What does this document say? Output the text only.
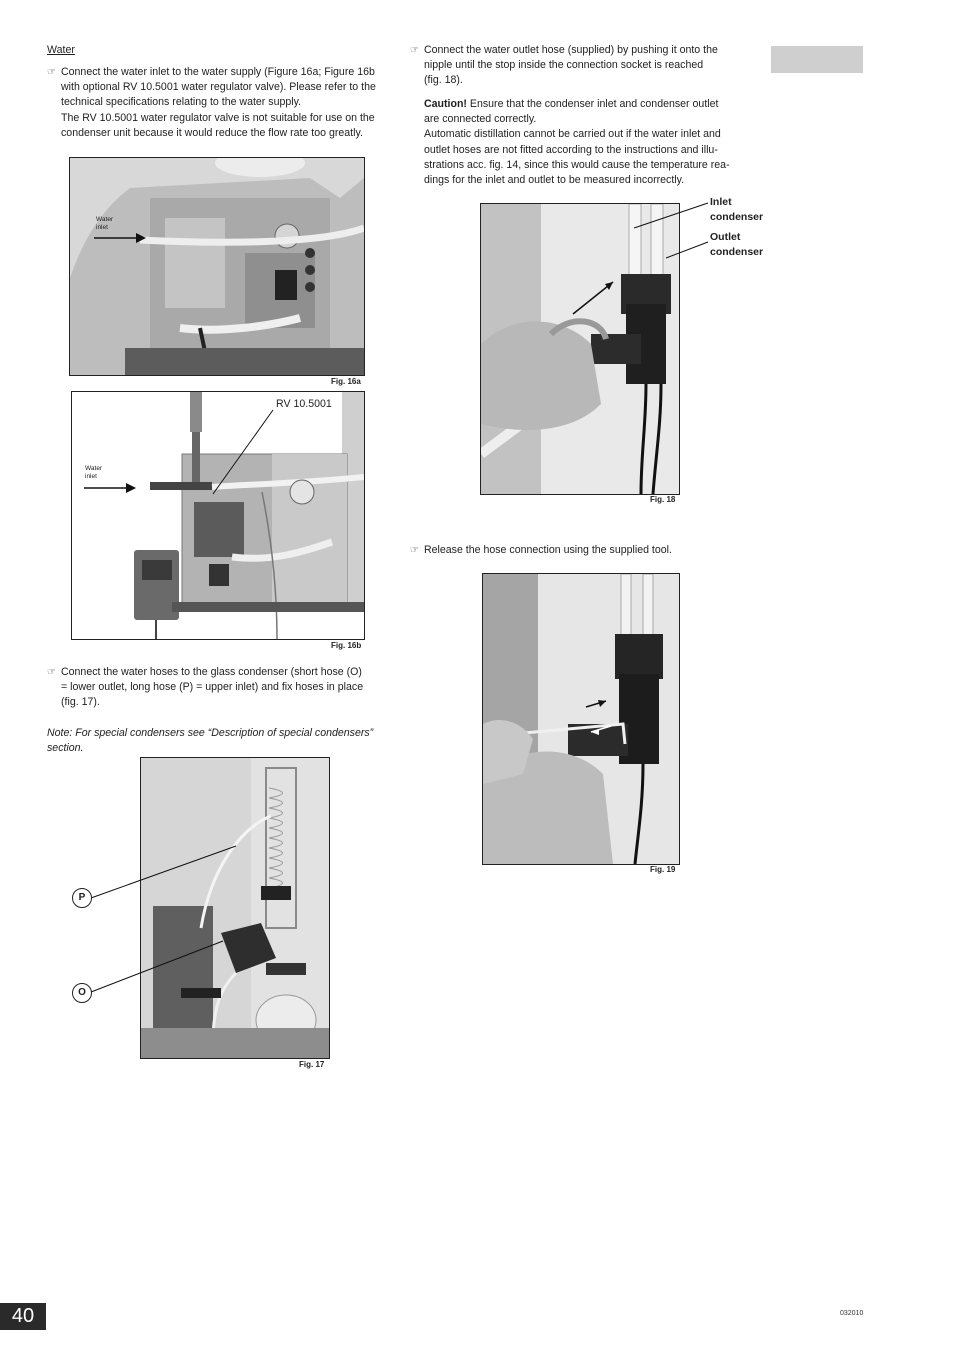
Water
☞ Connect the water inlet to the water supply (Figure 16a; Figure 16b
with optional RV 10.5001 water regulator valve). Please refer to the
technical specifications relating to the water supply.
The RV 10.5001 water regulator valve is not suitable for use on the
condenser unit because it would reduce the flow rate too greatly.
Water inlet
Fig. 16a
RV 10.5001
Water inlet
Fig. 16b
☞ Connect the water hoses to the glass condenser (short hose (O)
= lower outlet, long hose (P) = upper inlet) and fix hoses in place
(fig. 17).
Note: For special condensers see “Description of special condensers”
section.
P
O
Fig. 17
☞ Connect the water outlet hose (supplied) by pushing it onto the
nipple until the stop inside the connection socket is reached
(fig. 18).
Caution! Ensure that the condenser inlet and condenser outlet
are connected correctly.
Automatic distillation cannot be carried out if the water inlet and
outlet hoses are not fitted according to the instructions and illu-
strations acc. fig. 14, since this would cause the temperature rea-
dings for the inlet and outlet to be measured incorrectly.
Inlet
condenser
Outlet
condenser
Fig. 18
☞ Release the hose connection using the supplied tool.
Fig. 19
40	032010
